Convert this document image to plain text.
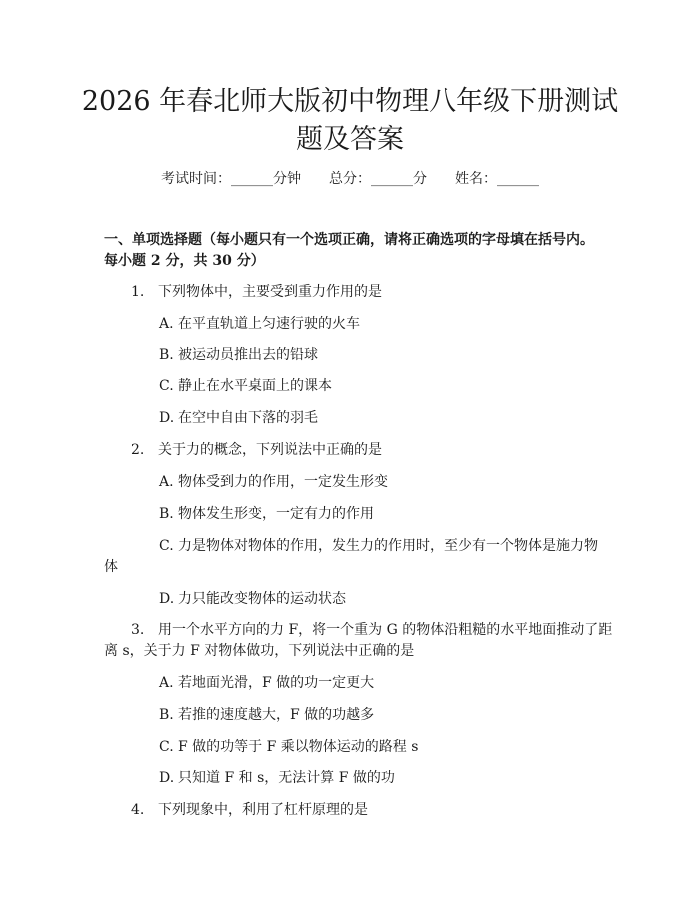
2026 年春北师大版初中物理八年级下册测试
题及答案
考试时间：______分钟　　总分：______分　　姓名：______
一、单项选择题（每小题只有一个选项正确，请将正确选项的字母填在括号内。
每小题 2 分，共 30 分）
1. 下列物体中，主要受到重力作用的是
A. 在平直轨道上匀速行驶的火车
B. 被运动员推出去的铅球
C. 静止在水平桌面上的课本
D. 在空中自由下落的羽毛
2. 关于力的概念，下列说法中正确的是
A. 物体受到力的作用，一定发生形变
B. 物体发生形变，一定有力的作用
C. 力是物体对物体的作用，发生力的作用时，至少有一个物体是施力物
体
D. 力只能改变物体的运动状态
3. 用一个水平方向的力 F，将一个重为 G 的物体沿粗糙的水平地面推动了距
离 s，关于力 F 对物体做功，下列说法中正确的是
A. 若地面光滑，F 做的功一定更大
B. 若推的速度越大，F 做的功越多
C. F 做的功等于 F 乘以物体运动的路程 s
D. 只知道 F 和 s，无法计算 F 做的功
4. 下列现象中，利用了杠杆原理的是
